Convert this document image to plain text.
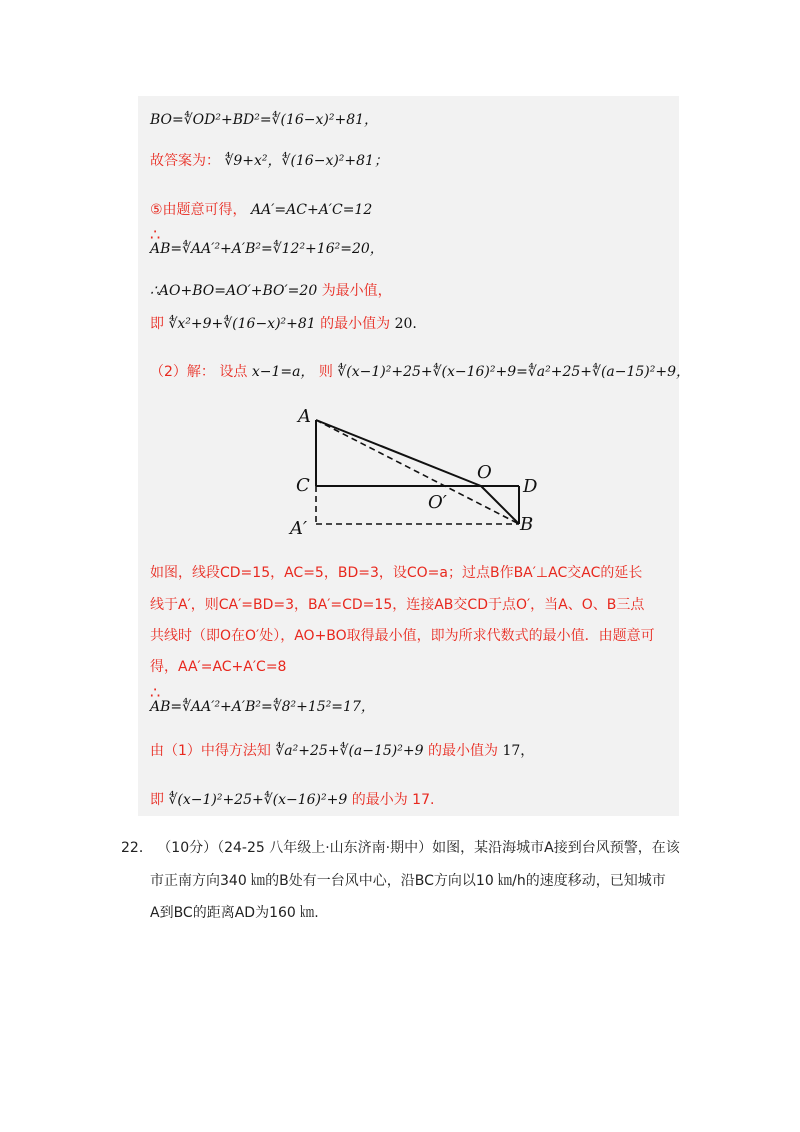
BO=∜OD²+BD²=∜(16−x)²+81，
故答案为： ∜9+x²，∜(16−x)²+81；
⑤由题意可得， AA′=AC+A′C=12
∴
AB=∜AA′²+A′B²=∜12²+16²=20，
∴AO+BO=AO′+BO′=20 为最小值，
即 ∜x²+9+∜(16−x)²+81 的最小值为 20.
（2）解： 设点 x−1=a， 则 ∜(x−1)²+25+∜(x−16)²+9=∜a²+25+∜(a−15)²+9，
A
C
A′
O
O′
D
B
如图，线段CD=15，AC=5，BD=3，设CO=a；过点B作BA′⊥AC交AC的延长
线于A′，则CA′=BD=3，BA′=CD=15，连接AB交CD于点O′，当A、O、B三点
共线时（即O在O′处），AO+BO取得最小值，即为所求代数式的最小值．由题意可
得，AA′=AC+A′C=8
∴
AB=∜AA′²+A′B²=∜8²+15²=17，
由（1）中得方法知 ∜a²+25+∜(a−15)²+9 的最小值为 17，
即 ∜(x−1)²+25+∜(x−16)²+9 的最小为 17.
22． （10分）（24-25 八年级上·山东济南·期中）如图，某沿海城市A接到台风预警，在该
市正南方向340 ㎞的B处有一台风中心，沿BC方向以10 ㎞/h的速度移动，已知城市
A到BC的距离AD为160 ㎞.
